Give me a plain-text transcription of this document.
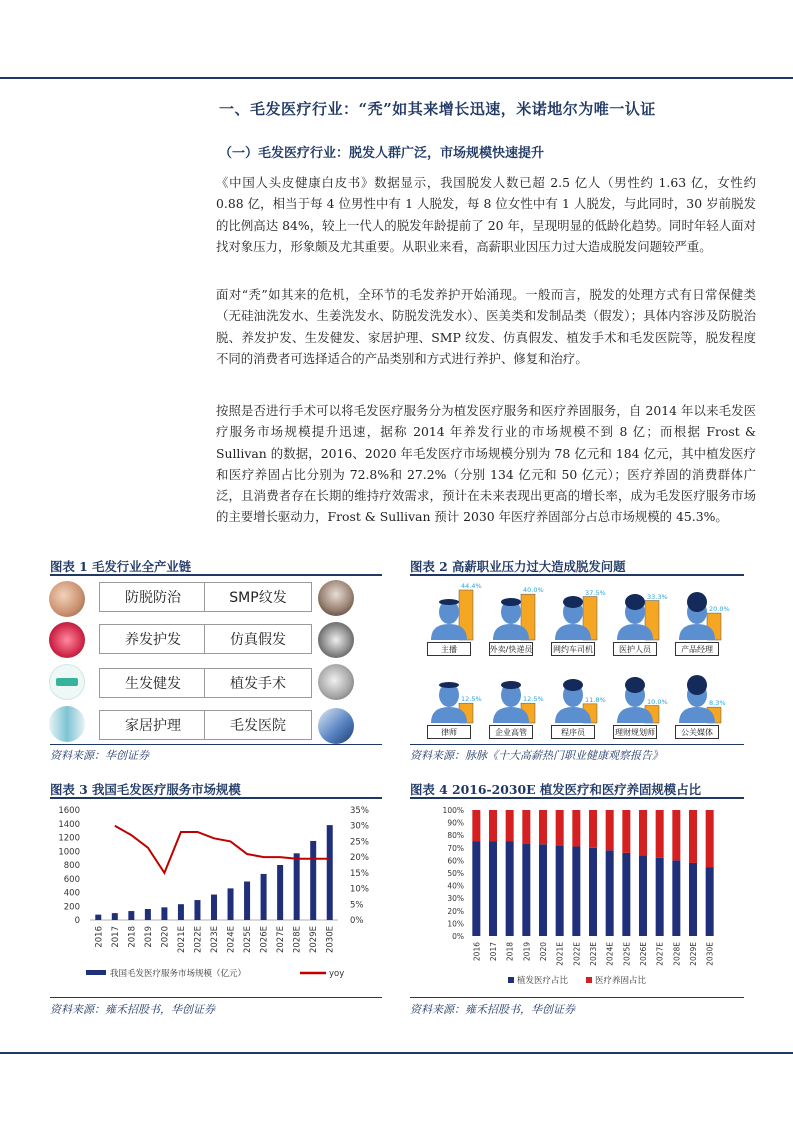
一、毛发医疗行业：“秃”如其来增长迅速，米诺地尔为唯一认证
（一）毛发医疗行业：脱发人群广泛，市场规模快速提升

《中国人头皮健康白皮书》数据显示，我国脱发人数已超 2.5 亿人（男性约 1.63 亿，女性约 0.88 亿，相当于每 4 位男性中有 1 人脱发，每 8 位女性中有 1 人脱发，与此同时，30 岁前脱发的比例高达 84%，较上一代人的脱发年龄提前了 20 年，呈现明显的低龄化趋势。同时年轻人面对找对象压力，形象颇及尤其重要。从职业来看，高薪职业因压力过大造成脱发问题较严重。

面对“秃”如其来的危机，全环节的毛发养护开始涌现。一般而言，脱发的处理方式有日常保健类（无硅油洗发水、生姜洗发水、防脱发洗发水）、医美类和发制品类（假发）；具体内容涉及防脱治脱、养发护发、生发健发、家居护理、SMP 纹发、仿真假发、植发手术和毛发医院等，脱发程度不同的消费者可选择适合的产品类别和方式进行养护、修复和治疗。

按照是否进行手术可以将毛发医疗服务分为植发医疗服务和医疗养固服务，自 2014 年以来毛发医疗服务市场规模提升迅速，据称 2014 年养发行业的市场规模不到 8 亿；而根据 Frost & Sullivan 的数据，2016、2020 年毛发医疗市场规模分别为 78 亿元和 184 亿元，其中植发医疗和医疗养固占比分别为 72.8%和 27.2%（分别 134 亿元和 50 亿元）；医疗养固的消费群体广泛，且消费者存在长期的维持疗效需求，预计在未来表现出更高的增长率，成为毛发医疗服务市场的主要增长驱动力，Frost & Sullivan 预计 2030 年医疗养固部分占总市场规模的 45.3%。

图表 1 毛发行业全产业链
防脱防治	SMP纹发
养发护发	仿真假发
生发健发	植发手术
家居护理	毛发医院
资料来源：华创证券
图表 2 高薪职业压力过大造成脱发问题
44.4%
主播
40.0%
外卖/快递员
37.5%
网约车司机
33.3%
医护人员
20.0%
产品经理
12.5%
律师
12.5%
企业高管
11.8%
程序员
10.0%
理财规划师
8.3%
公关媒体
资料来源：脉脉《十大高薪热门职业健康观察报告》
图表 3 我国毛发医疗服务市场规模
1600
1400
1200
1000
800
600
400
200
0
35%
30%
25%
20%
15%
10%
5%
0%
2016 2017 2018 2019 2020 2021E 2022E 2023E 2024E 2025E 2026E 2027E 2028E 2029E 2030E
我国毛发医疗服务市场规模（亿元）	yoy
资料来源：雍禾招股书，华创证券
图表 4 2016-2030E 植发医疗和医疗养固规模占比
100%
90%
80%
70%
60%
50%
40%
30%
20%
10%
0%
2016 2017 2018 2019 2020 2021E 2022E 2023E 2024E 2025E 2026E 2027E 2028E 2029E 2030E
植发医疗占比	医疗养固占比
资料来源：雍禾招股书，华创证券
